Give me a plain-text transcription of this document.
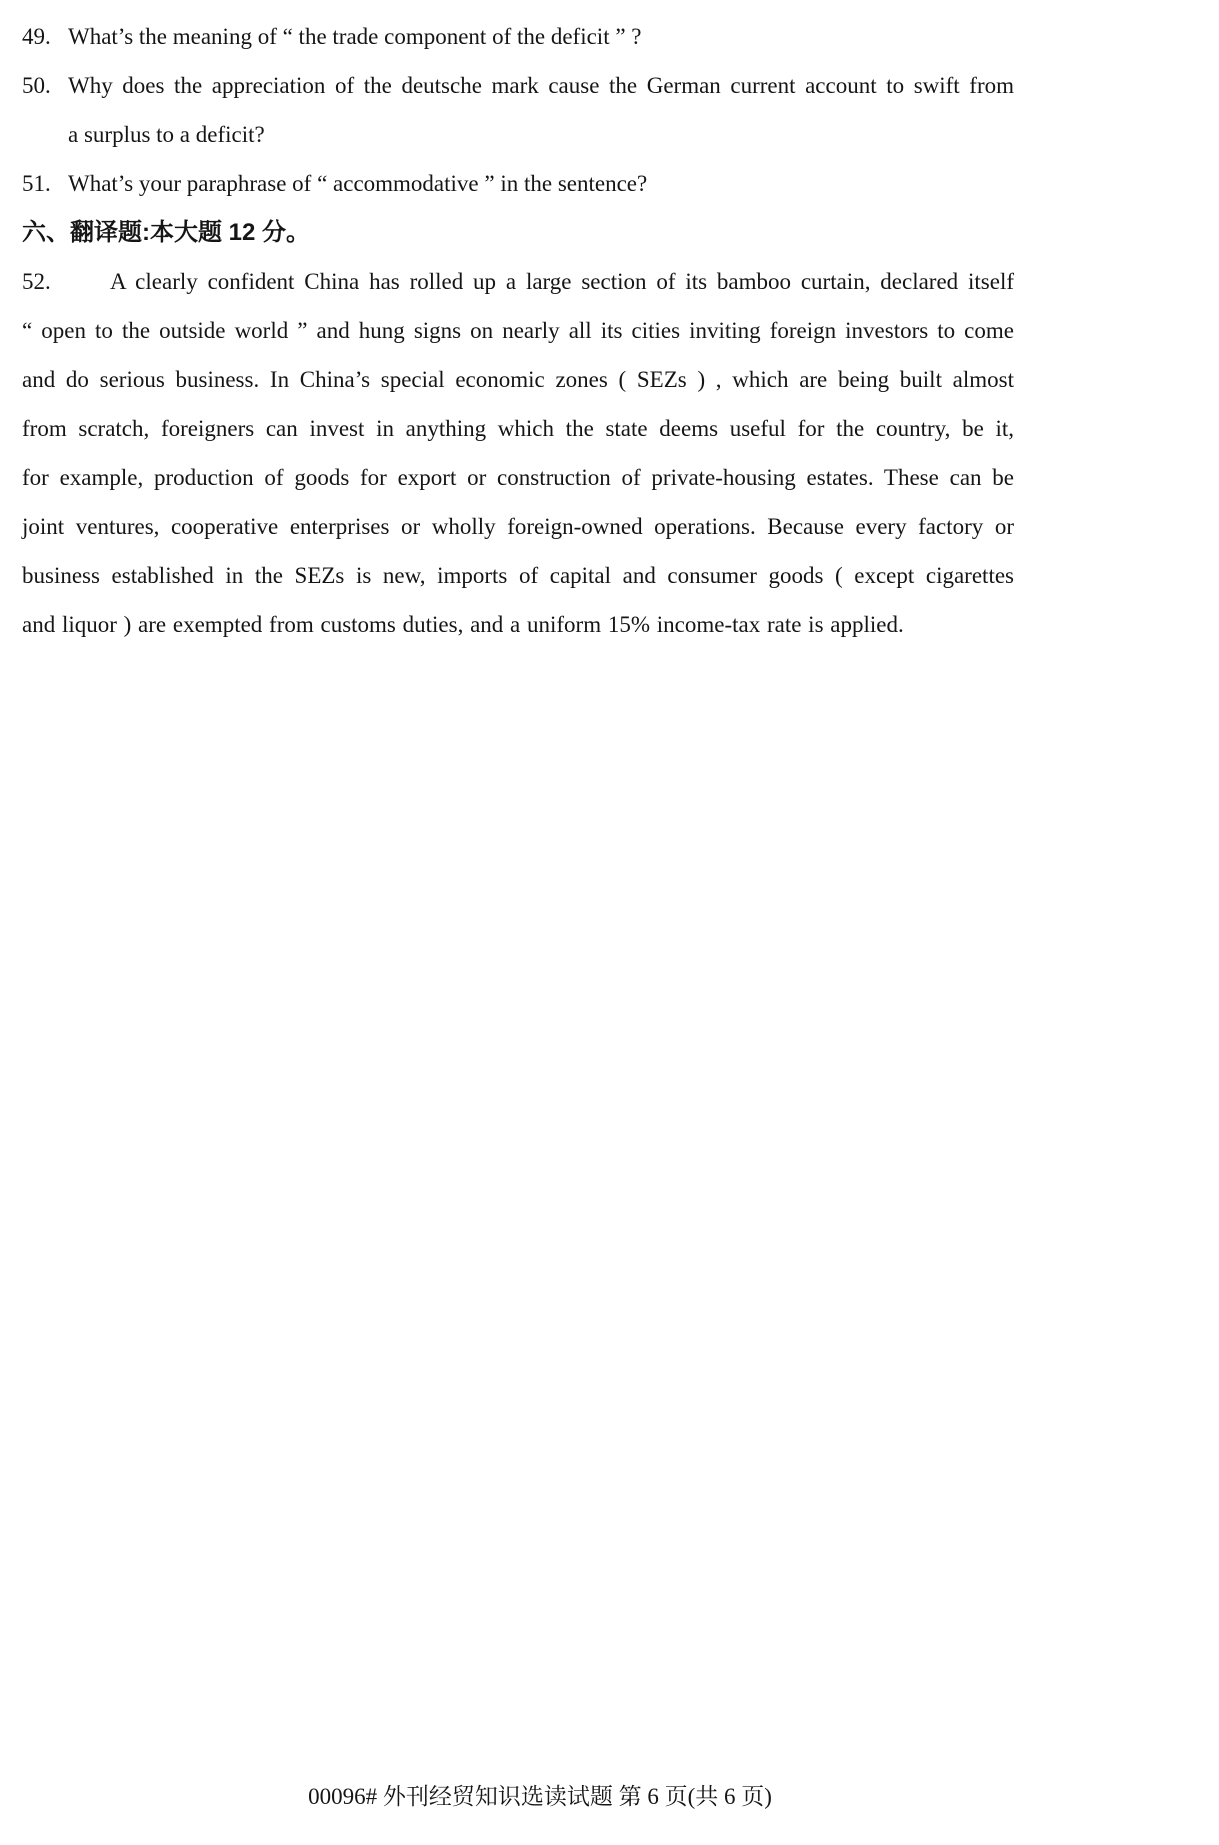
49. What’s the meaning of “ the trade component of the deficit ” ?
50. Why does the appreciation of the deutsche mark cause the German current account to swift from
a surplus to a deficit?
51. What’s your paraphrase of “ accommodative ” in the sentence?
六、翻译题:本大题 12 分。
52.	A clearly confident China has rolled up a large section of its bamboo curtain, declared itself
“ open to the outside world ” and hung signs on nearly all its cities inviting foreign investors to come
and do serious business. In China’s special economic zones ( SEZs ) , which are being built almost
from scratch, foreigners can invest in anything which the state deems useful for the country, be it,
for example, production of goods for export or construction of private-housing estates. These can be
joint ventures, cooperative enterprises or wholly foreign-owned operations. Because every factory or
business established in the SEZs is new, imports of capital and consumer goods ( except cigarettes
and liquor ) are exempted from customs duties, and a uniform 15% income-tax rate is applied.
00096# 外刊经贸知识选读试题 第 6 页(共 6 页)
